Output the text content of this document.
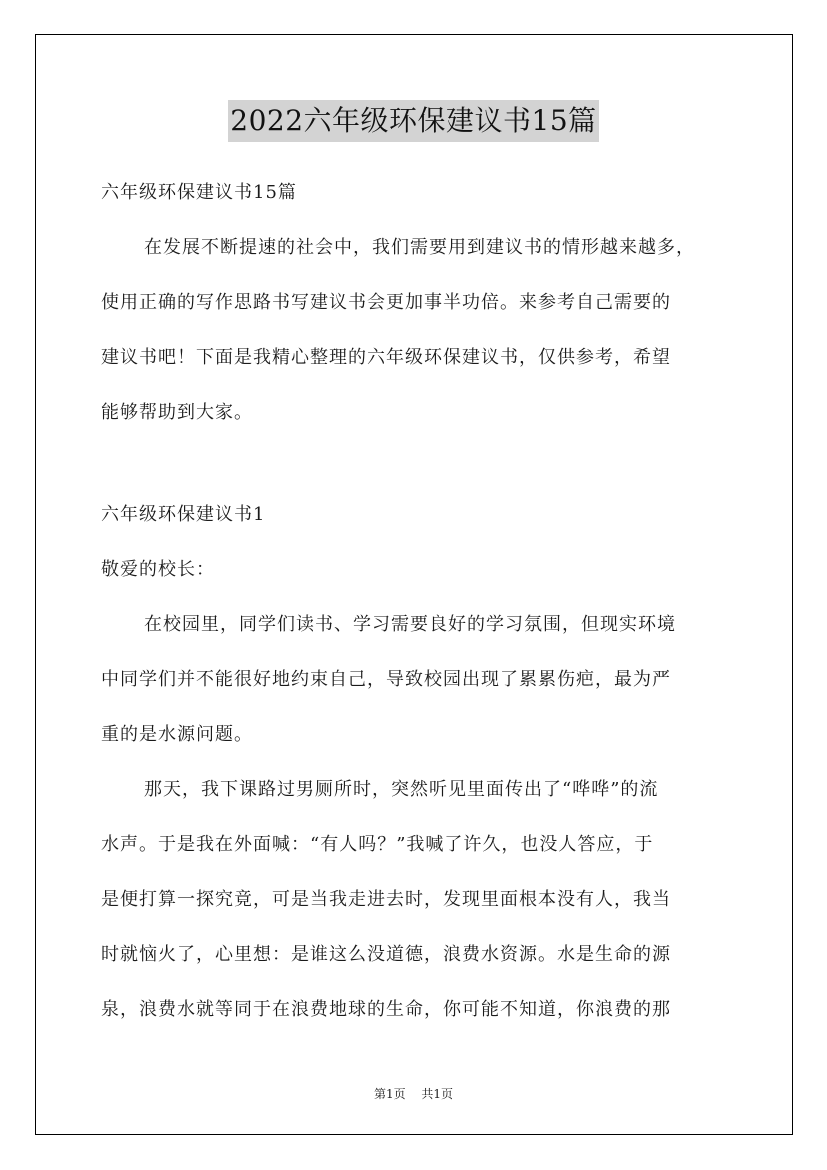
2022六年级环保建议书15篇
六年级环保建议书15篇
在发展不断提速的社会中，我们需要用到建议书的情形越来越多，
使用正确的写作思路书写建议书会更加事半功倍。来参考自己需要的
建议书吧！下面是我精心整理的六年级环保建议书，仅供参考，希望
能够帮助到大家。
六年级环保建议书1
敬爱的校长：
在校园里，同学们读书、学习需要良好的学习氛围，但现实环境
中同学们并不能很好地约束自己，导致校园出现了累累伤疤，最为严
重的是水源问题。
那天，我下课路过男厕所时，突然听见里面传出了“哗哗”的流
水声。于是我在外面喊：“有人吗？”我喊了许久，也没人答应，于
是便打算一探究竟，可是当我走进去时，发现里面根本没有人，我当
时就恼火了，心里想：是谁这么没道德，浪费水资源。水是生命的源
泉，浪费水就等同于在浪费地球的生命，你可能不知道，你浪费的那
第1页 共1页
